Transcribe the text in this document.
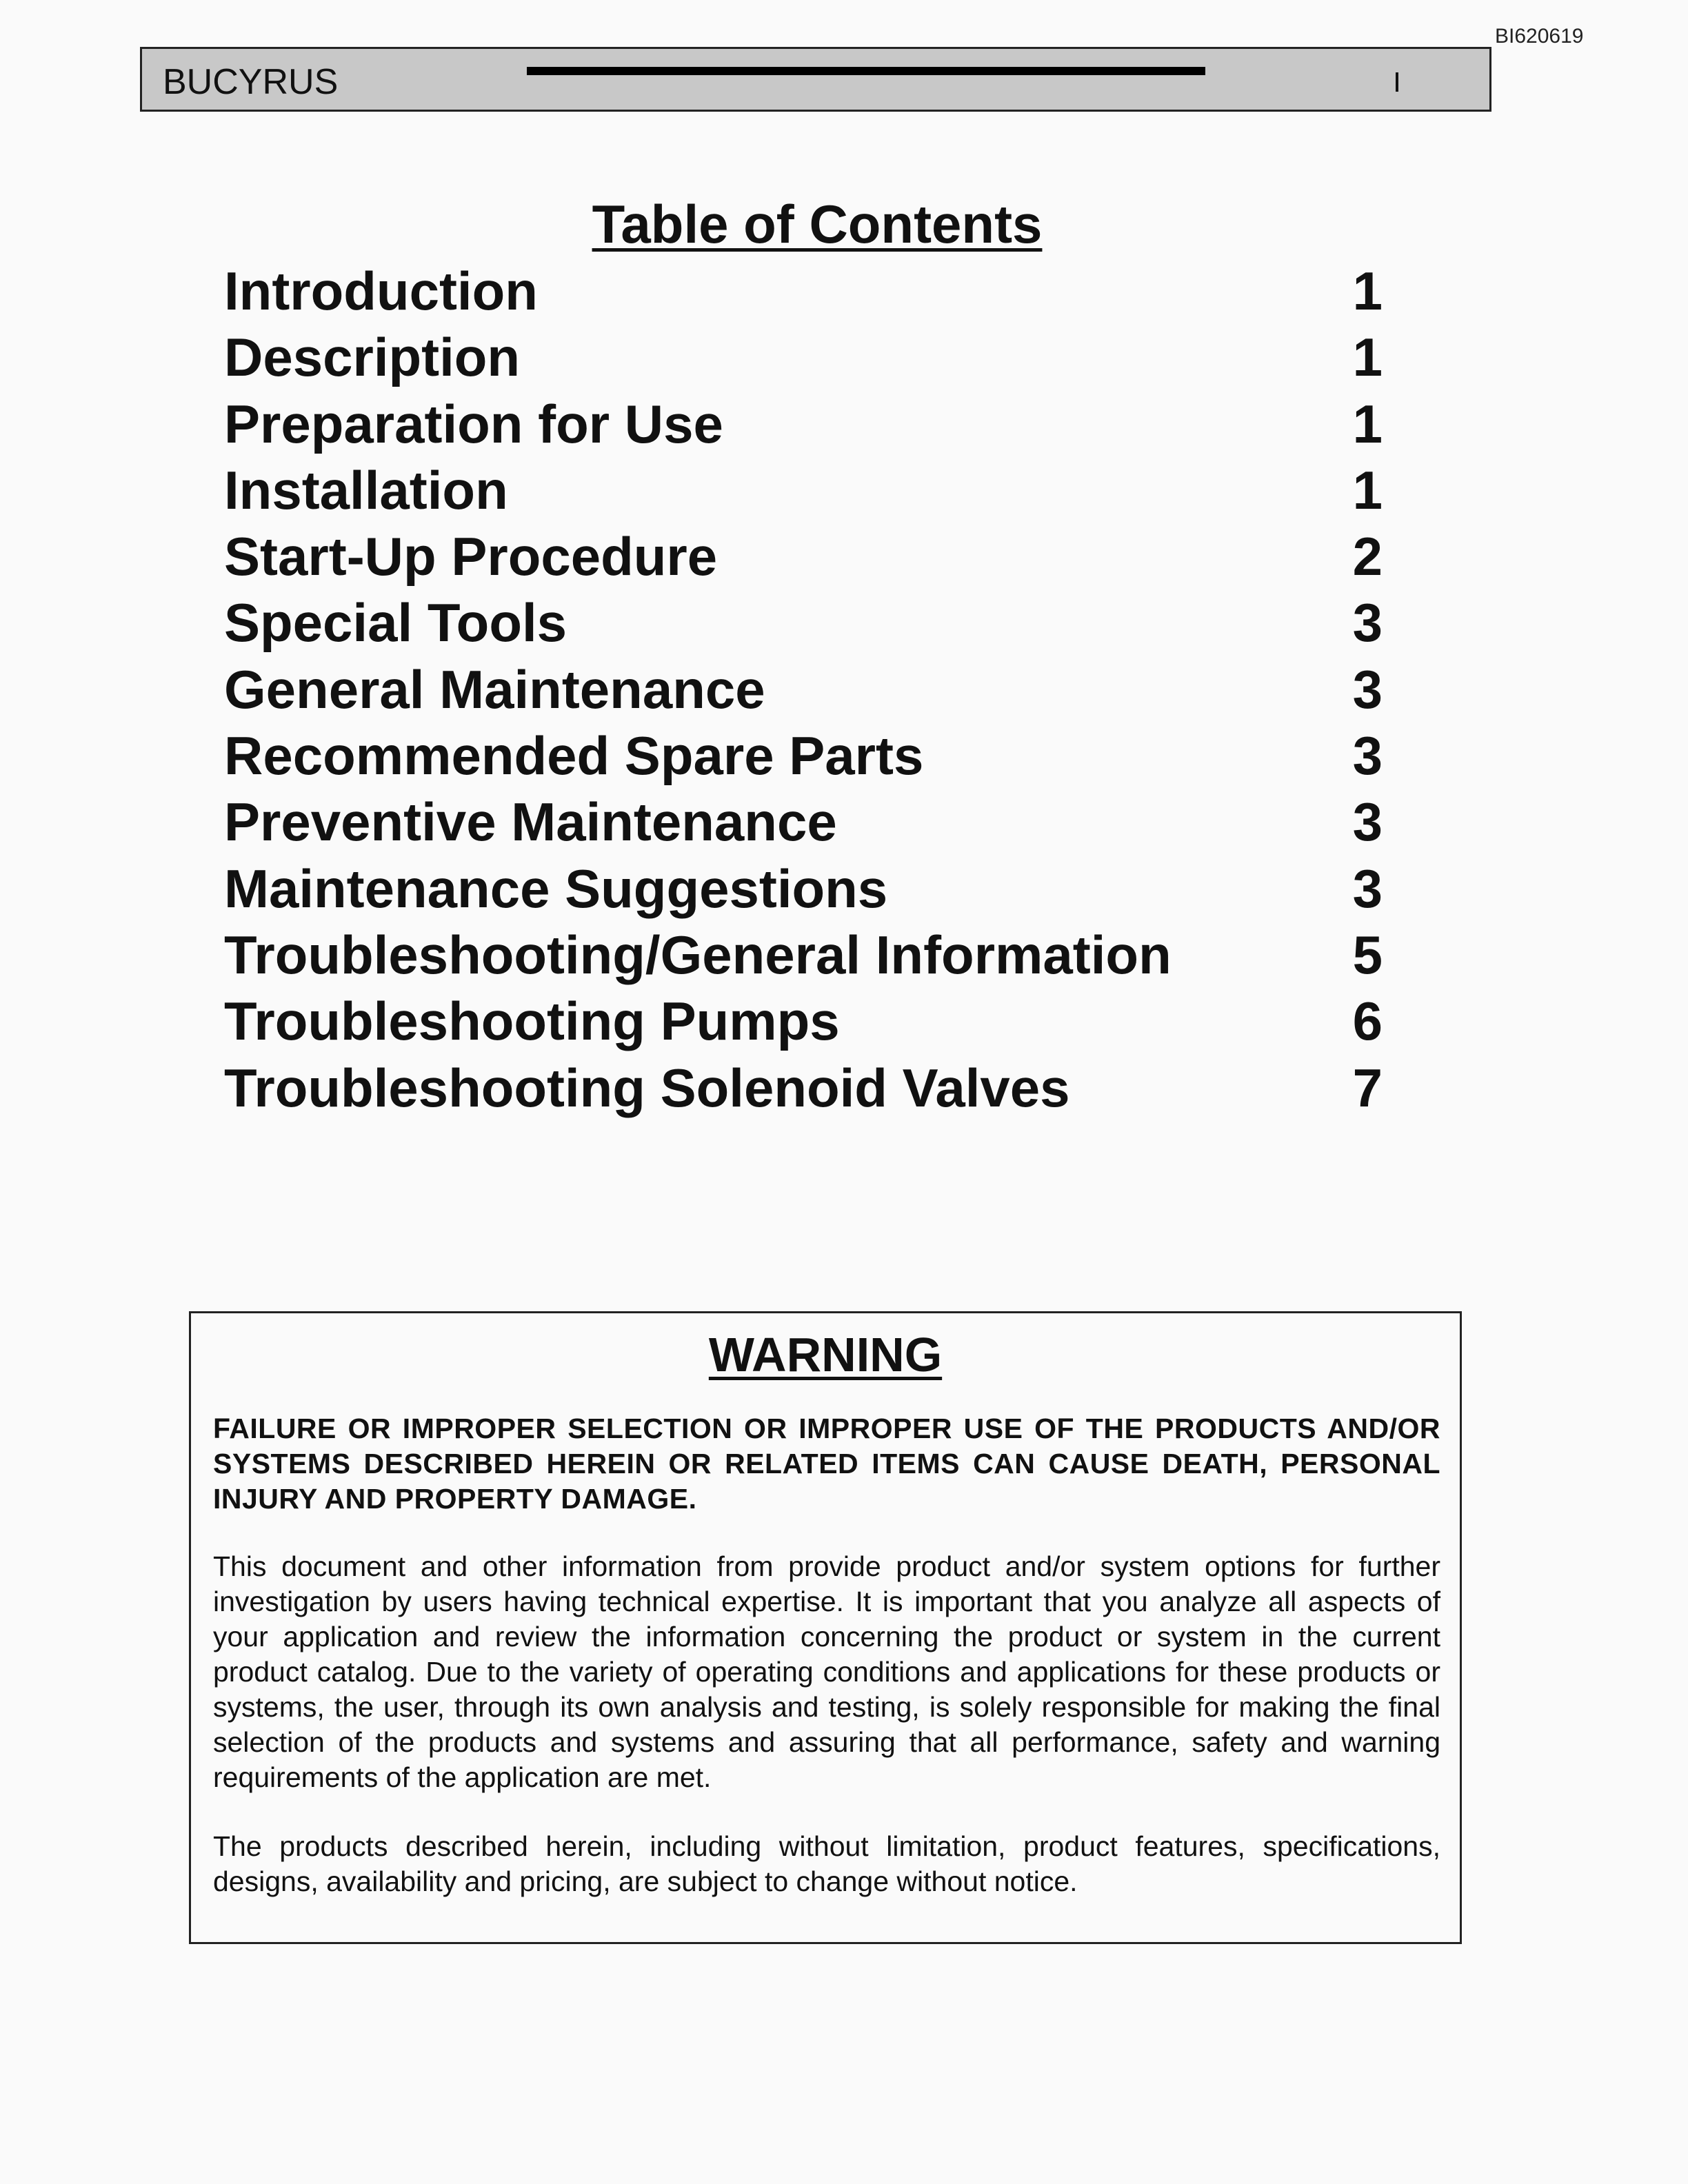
BI620619
BUCYRUS
Table of Contents
Introduction	1
Description	1
Preparation for Use	1
Installation	1
Start-Up Procedure	2
Special Tools	3
General Maintenance	3
Recommended Spare Parts	3
Preventive Maintenance	3
Maintenance Suggestions	3
Troubleshooting/General Information	5
Troubleshooting Pumps	6
Troubleshooting Solenoid Valves	7
WARNING

FAILURE OR IMPROPER SELECTION OR IMPROPER USE OF THE PRODUCTS AND/OR SYSTEMS DESCRIBED HEREIN OR RELATED ITEMS CAN CAUSE DEATH, PERSONAL INJURY AND PROPERTY DAMAGE.

This document and other information from provide product and/or system options for further investigation by users having technical expertise. It is important that you analyze all aspects of your application and review the information concerning the product or system in the current product catalog. Due to the variety of operating conditions and applications for these products or systems, the user, through its own analysis and testing, is solely responsible for making the final selection of the products and systems and assuring that all performance, safety and warning requirements of the application are met.

The products described herein, including without limitation, product features, specifications, designs, availability and pricing, are subject to change without notice.
